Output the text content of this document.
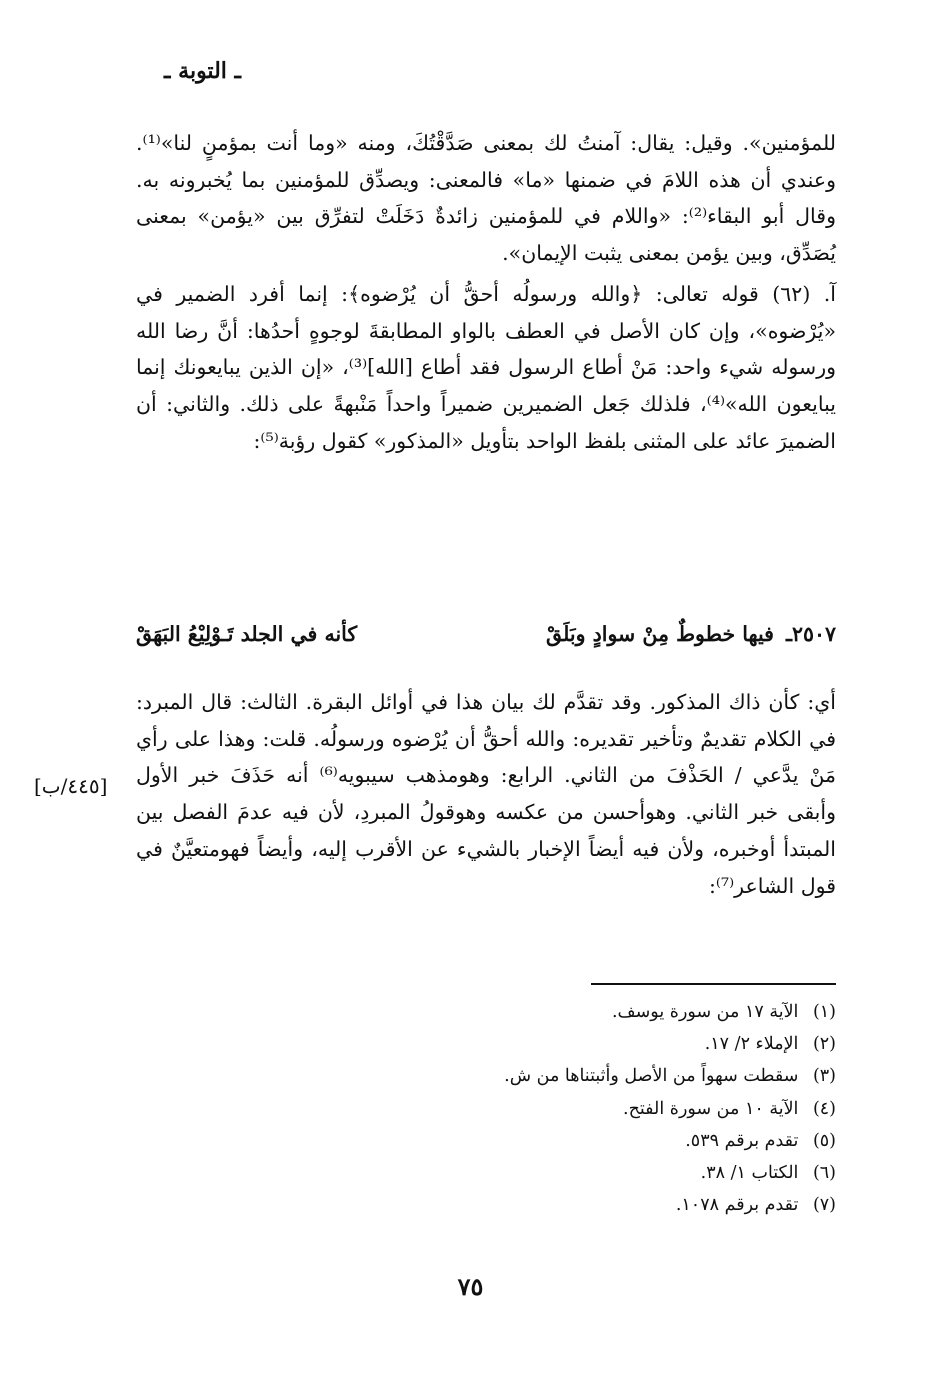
ـ التوبة ـ

للمؤمنين». وقيل: يقال: آمنتُ لك بمعنى صَدَّقْتُكَ، ومنه «وما أنت بمؤمنٍ لنا»⁽¹⁾. وعندي أن هذه اللامَ في ضمنها «ما» فالمعنى: ويصدِّق للمؤمنين بما يُخبرونه به. وقال أبو البقاء⁽²⁾: «واللام في للمؤمنين زائدةٌ دَخَلَتْ لتفرِّق بين «يؤمن» بمعنى يُصَدِّق، وبين يؤمن بمعنى يثبت الإيمان».

آ. (٦٢) قوله تعالى: ﴿والله ورسولُه أحقُّ أن يُرْضوه﴾: إنما أفرد الضمير في «يُرْضوه»، وإن كان الأصل في العطف بالواو المطابقةَ لوجوهٍ أحدُها: أنَّ رضا الله ورسوله شيء واحد: مَنْ أطاع الرسول فقد أطاع [الله]⁽³⁾، «إن الذين يبايعونك إنما يبايعون الله»⁽⁴⁾، فلذلك جَعل الضميرين ضميراً واحداً مَنْبهةً على ذلك. والثاني: أن الضميرَ عائد على المثنى بلفظ الواحد بتأويل «المذكور» كقول رؤبة⁽⁵⁾:

٢٥٠٧ـ
فيها خطوطٌ مِنْ سوادٍ وبَلَقْ
كأنه في الجلد تَـوْلِيْعُ البَهَقْ

أي: كأن ذاك المذكور. وقد تقدَّم لك بيان هذا في أوائل البقرة. الثالث: قال المبرد: في الكلام تقديمٌ وتأخير تقديره: والله أحقُّ أن يُرْضوه ورسولُه. قلت: وهذا على رأي مَنْ يدَّعي / الحَذْفَ من الثاني. الرابع: وهومذهب سيبويه⁽⁶⁾ أنه حَذَفَ خبر الأول وأبقى خبر الثاني. وهوأحسن من عكسه وهوقولُ المبردِ، لأن فيه عدمَ الفصل بين المبتدأ أوخبره، ولأن فيه أيضاً الإخبار بالشيء عن الأقرب إليه، وأيضاً فهومتعيَّنٌ في قول الشاعر⁽⁷⁾:

[٤٤٥/ب]
(١) الآية ١٧ من سورة يوسف.
(٢) الإملاء ٢/ ١٧.
(٣) سقطت سهواً من الأصل وأثبتناها من ش.
(٤) الآية ١٠ من سورة الفتح.
(٥) تقدم برقم ٥٣٩.
(٦) الكتاب ١/ ٣٨.
(٧) تقدم برقم ١٠٧٨.
٧٥
